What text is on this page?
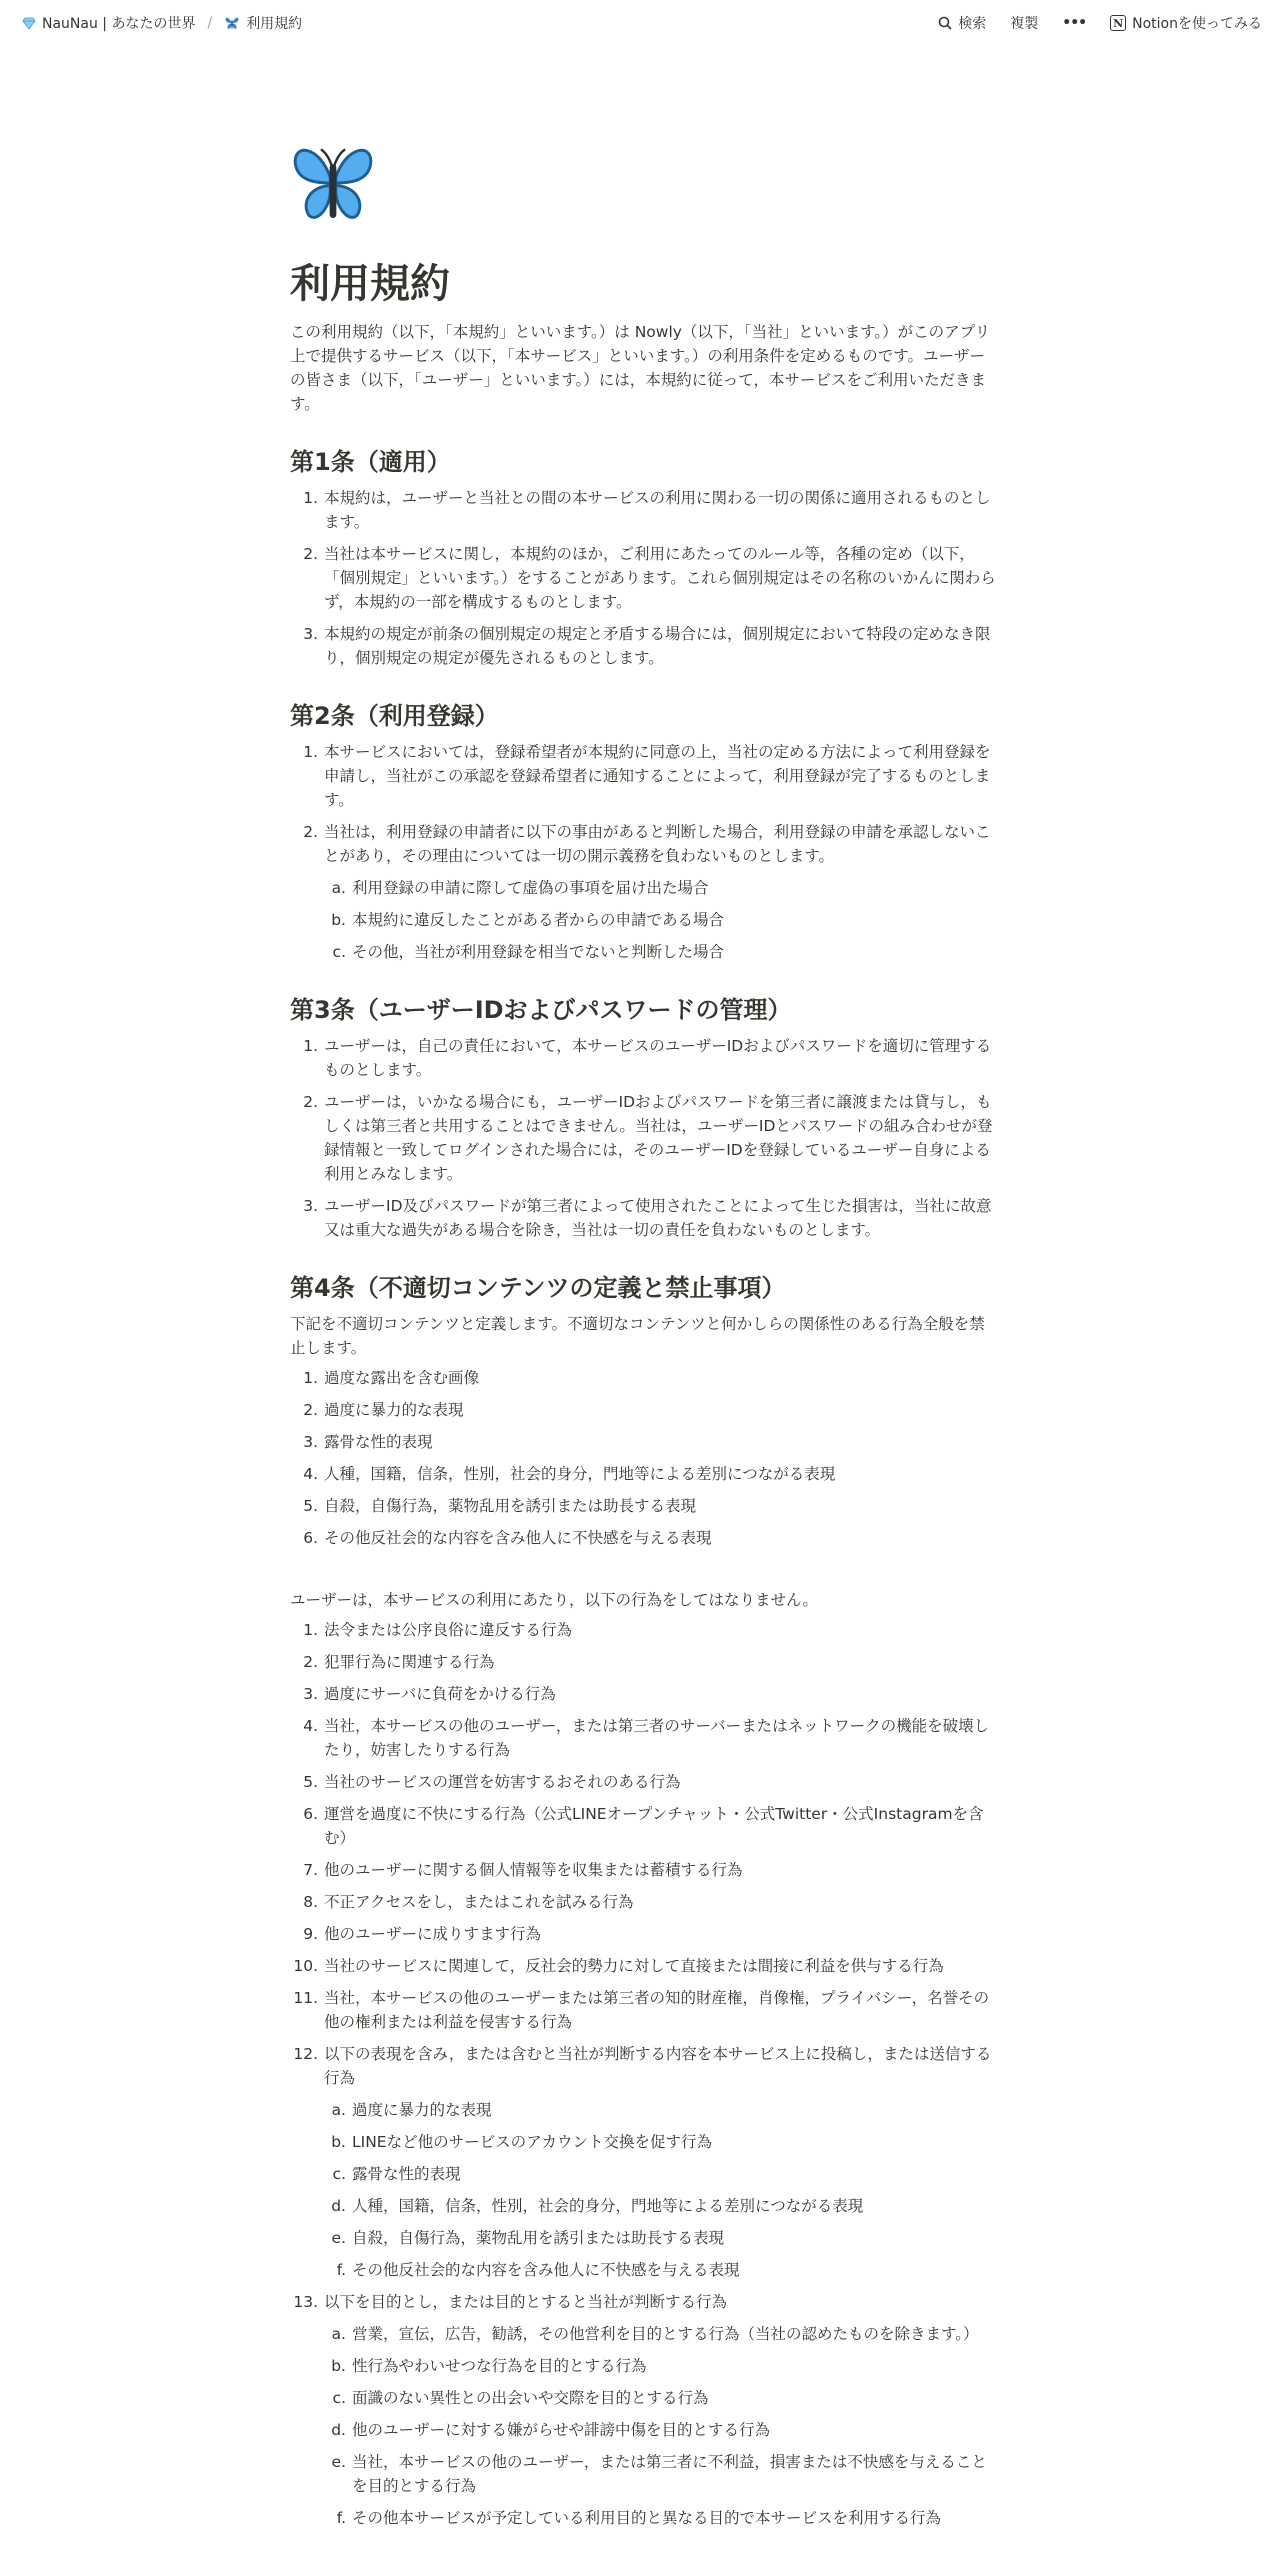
NauNau | あなたの世界 / 利用規約	検索 複製 ••• N Notionを使ってみる
利用規約

この利用規約（以下，「本規約」といいます。）は Nowly（以下，「当社」といいます。）がこのアプリ上で提供するサービス（以下，「本サービス」といいます。）の利用条件を定めるものです。ユーザーの皆さま（以下，「ユーザー」といいます。）には，本規約に従って，本サービスをご利用いただきます。

第1条（適用）
1. 本規約は，ユーザーと当社との間の本サービスの利用に関わる一切の関係に適用されるものとします。
2. 当社は本サービスに関し，本規約のほか，ご利用にあたってのルール等，各種の定め（以下，「個別規定」といいます。）をすることがあります。これら個別規定はその名称のいかんに関わらず，本規約の一部を構成するものとします。
3. 本規約の規定が前条の個別規定の規定と矛盾する場合には，個別規定において特段の定めなき限り，個別規定の規定が優先されるものとします。
第2条（利用登録）
1. 本サービスにおいては，登録希望者が本規約に同意の上，当社の定める方法によって利用登録を申請し，当社がこの承認を登録希望者に通知することによって，利用登録が完了するものとします。
2. 当社は，利用登録の申請者に以下の事由があると判断した場合，利用登録の申請を承認しないことがあり，その理由については一切の開示義務を負わないものとします。
a. 利用登録の申請に際して虚偽の事項を届け出た場合
b. 本規約に違反したことがある者からの申請である場合
c. その他，当社が利用登録を相当でないと判断した場合
第3条（ユーザーIDおよびパスワードの管理）
1. ユーザーは，自己の責任において，本サービスのユーザーIDおよびパスワードを適切に管理するものとします。
2. ユーザーは，いかなる場合にも，ユーザーIDおよびパスワードを第三者に譲渡または貸与し，もしくは第三者と共用することはできません。当社は，ユーザーIDとパスワードの組み合わせが登録情報と一致してログインされた場合には，そのユーザーIDを登録しているユーザー自身による利用とみなします。
3. ユーザーID及びパスワードが第三者によって使用されたことによって生じた損害は，当社に故意又は重大な過失がある場合を除き，当社は一切の責任を負わないものとします。
第4条（不適切コンテンツの定義と禁止事項）

下記を不適切コンテンツと定義します。不適切なコンテンツと何かしらの関係性のある行為全般を禁止します。

1. 過度な露出を含む画像
2. 過度に暴力的な表現
3. 露骨な性的表現
4. 人種，国籍，信条，性別，社会的身分，門地等による差別につながる表現
5. 自殺，自傷行為，薬物乱用を誘引または助長する表現
6. その他反社会的な内容を含み他人に不快感を与える表現

ユーザーは，本サービスの利用にあたり，以下の行為をしてはなりません。

1. 法令または公序良俗に違反する行為
2. 犯罪行為に関連する行為
3. 過度にサーバに負荷をかける行為
4. 当社，本サービスの他のユーザー，または第三者のサーバーまたはネットワークの機能を破壊したり，妨害したりする行為
5. 当社のサービスの運営を妨害するおそれのある行為
6. 運営を過度に不快にする行為（公式LINEオープンチャット・公式Twitter・公式Instagramを含む）
7. 他のユーザーに関する個人情報等を収集または蓄積する行為
8. 不正アクセスをし，またはこれを試みる行為
9. 他のユーザーに成りすます行為
10. 当社のサービスに関連して，反社会的勢力に対して直接または間接に利益を供与する行為
11. 当社，本サービスの他のユーザーまたは第三者の知的財産権，肖像権，プライバシー，名誉その他の権利または利益を侵害する行為
12. 以下の表現を含み，または含むと当社が判断する内容を本サービス上に投稿し，または送信する行為
a. 過度に暴力的な表現
b. LINEなど他のサービスのアカウント交換を促す行為
c. 露骨な性的表現
d. 人種，国籍，信条，性別，社会的身分，門地等による差別につながる表現
e. 自殺，自傷行為，薬物乱用を誘引または助長する表現
f. その他反社会的な内容を含み他人に不快感を与える表現
13. 以下を目的とし，または目的とすると当社が判断する行為
a. 営業，宣伝，広告，勧誘，その他営利を目的とする行為（当社の認めたものを除きます。）
b. 性行為やわいせつな行為を目的とする行為
c. 面識のない異性との出会いや交際を目的とする行為
d. 他のユーザーに対する嫌がらせや誹謗中傷を目的とする行為
e. 当社，本サービスの他のユーザー，または第三者に不利益，損害または不快感を与えることを目的とする行為
f. その他本サービスが予定している利用目的と異なる目的で本サービスを利用する行為
